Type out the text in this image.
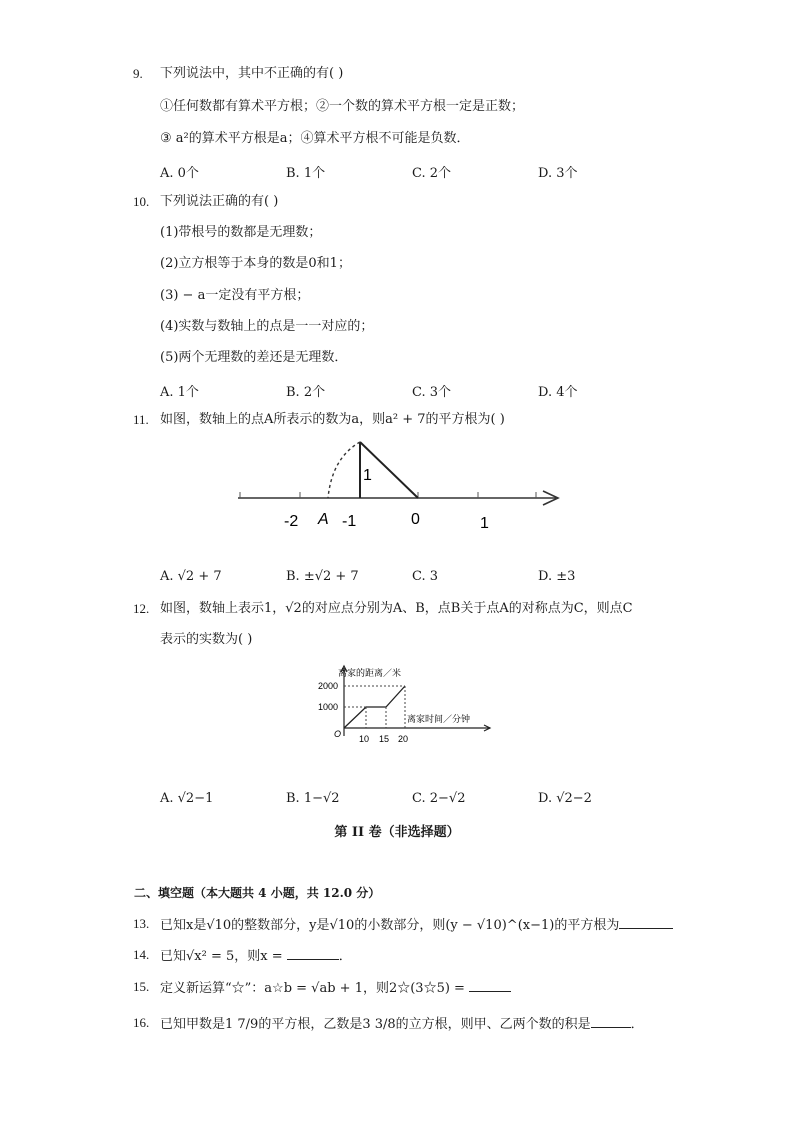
9. 下列说法中，其中不正确的有( )
①任何数都有算术平方根；②一个数的算术平方根一定是正数；
③ a²的算术平方根是a；④算术平方根不可能是负数．
A. 0个	B. 1个	C. 2个	D. 3个
10. 下列说法正确的有( )
(1)带根号的数都是无理数；
(2)立方根等于本身的数是0和1；
(3) − a一定没有平方根；
(4)实数与数轴上的点是一一对应的；
(5)两个无理数的差还是无理数．
A. 1个	B. 2个	C. 3个	D. 4个
11. 如图，数轴上的点A所表示的数为a，则a² + 7的平方根为( )
1
-2 A -1	0	1
A. √2 + 7	B. ±√2 + 7	C. 3	D. ±3
12. 如图，数轴上表示1，√2的对应点分别为A、B，点B关于点A的对称点为C，则点C
表示的实数为( )
离家的距离／米
离家时间／分钟
2000
1000
O 10 15 20
A. √2−1	B. 1−√2	C. 2−√2	D. √2−2
第 II 卷（非选择题）
二、填空题（本大题共 4 小题，共 12.0 分）
13. 已知x是√10的整数部分，y是√10的小数部分，则(y − √10)^(x−1)的平方根为
14. 已知√x² = 5，则x =	．
15. 定义新运算“☆”：a☆b = √ab + 1，则2☆(3☆5) =
16. 已知甲数是1 7/9的平方根，乙数是3 3/8的立方根，则甲、乙两个数的积是	．
